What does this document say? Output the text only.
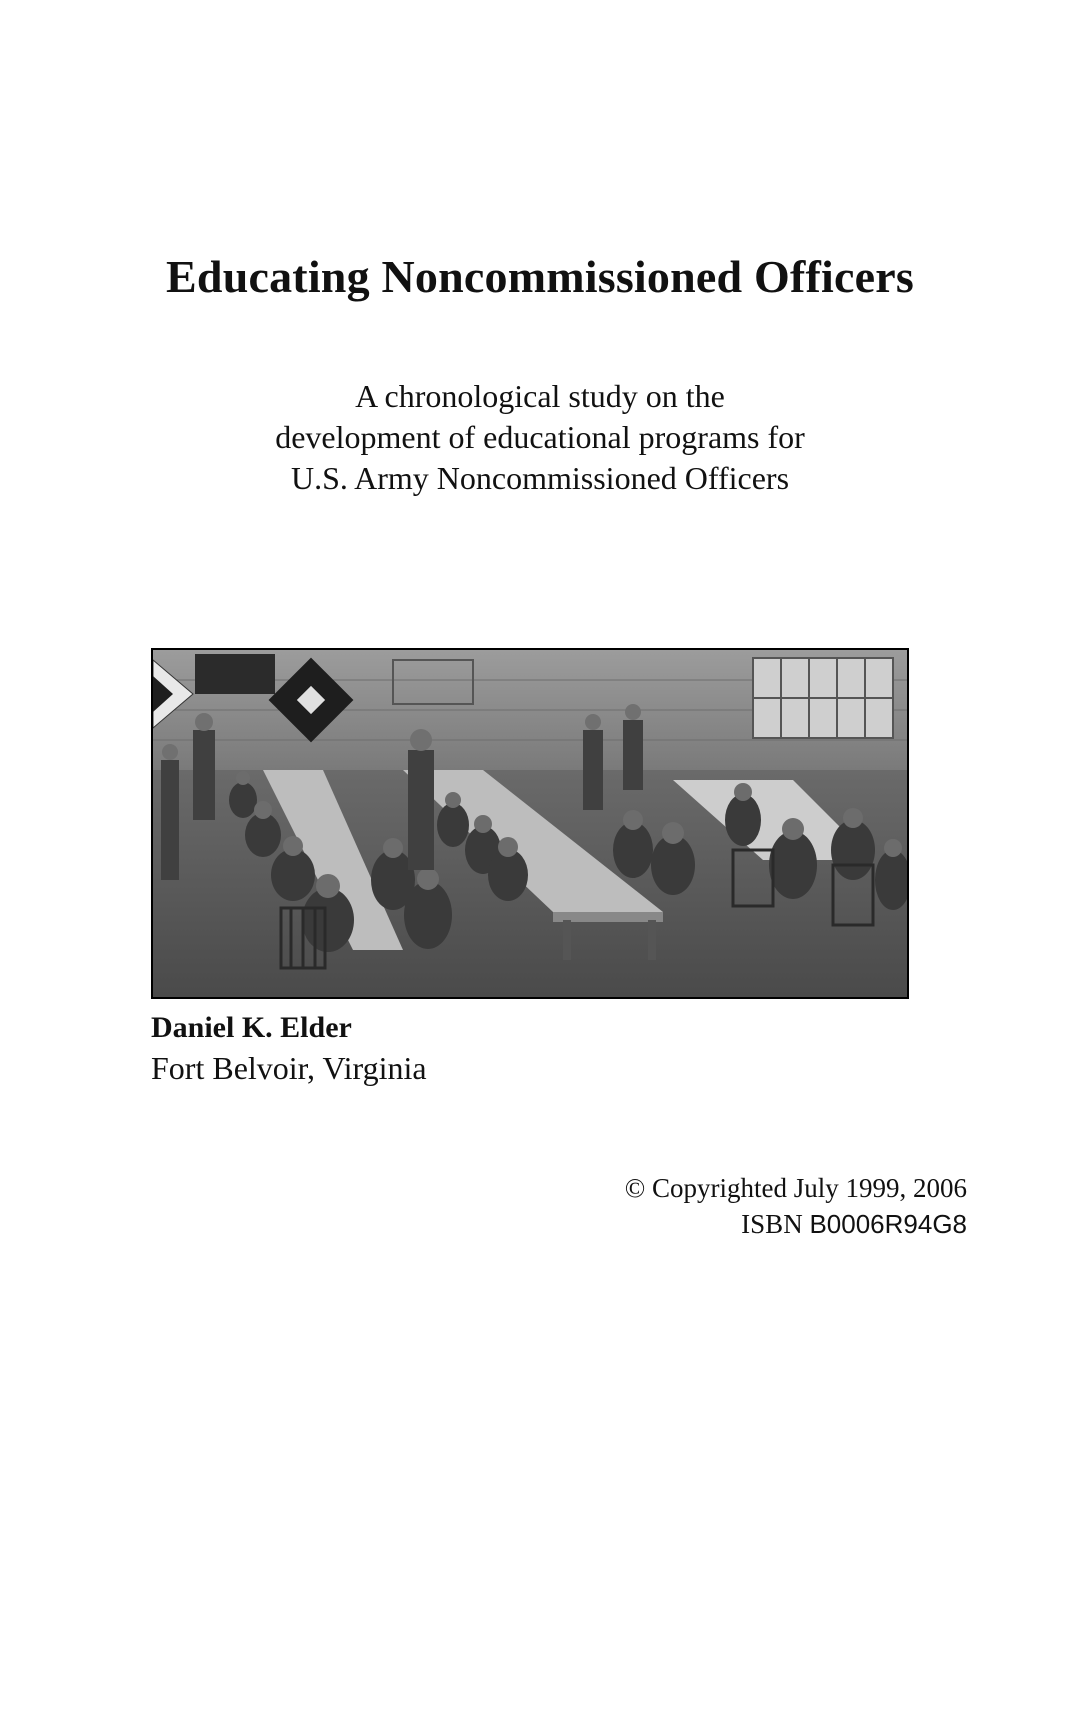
Educating Noncommissioned Officers
A chronological study on the
development of educational programs for
U.S. Army Noncommissioned Officers
Daniel K. Elder
Fort Belvoir, Virginia
© Copyrighted July 1999, 2006
ISBN B0006R94G8
